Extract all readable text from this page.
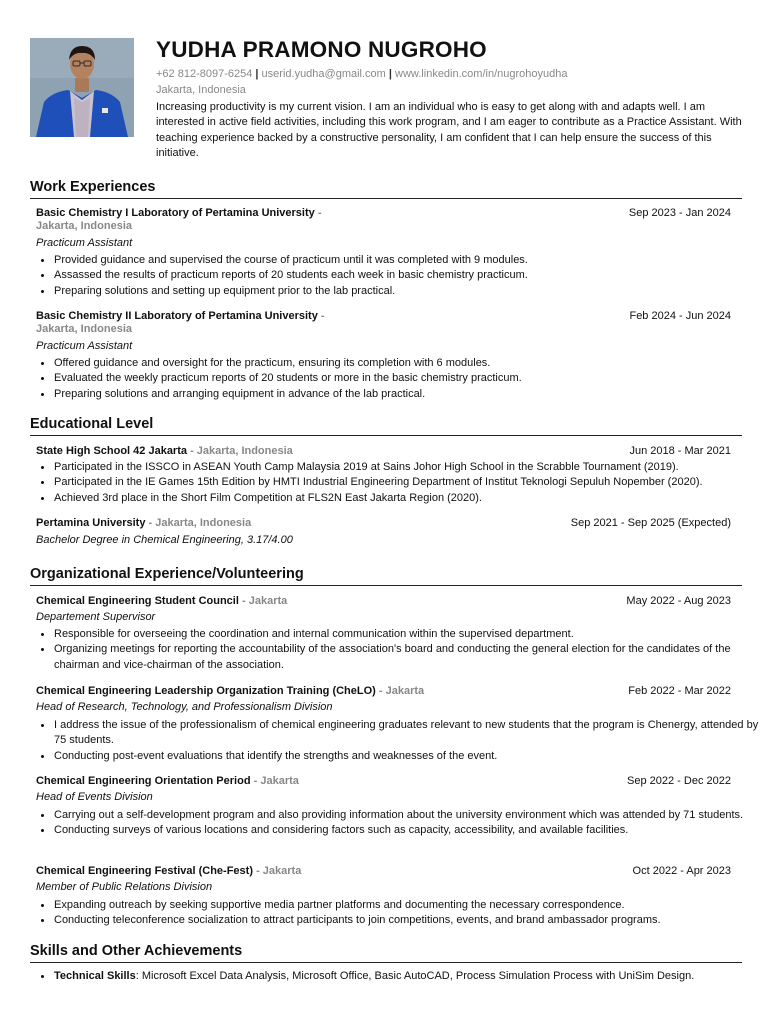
YUDHA PRAMONO NUGROHO
+62 812-8097-6254 | userid.yudha@gmail.com | www.linkedin.com/in/nugrohoyudha
Jakarta, Indonesia
Increasing productivity is my current vision. I am an individual who is easy to get along with and adapts well. I am interested in active field activities, including this work program, and I am eager to contribute as a Practice Assistant. With teaching experience backed by a constructive personality, I am confident that I can help ensure the success of this initiative.
Work Experiences
Basic Chemistry I Laboratory of Pertamina University -
Jakarta, Indonesia
Sep 2023 - Jan 2024
Practicum Assistant
Provided guidance and supervised the course of practicum until it was completed with 9 modules.
Assassed the results of practicum reports of 20 students each week in basic chemistry practicum.
Preparing solutions and setting up equipment prior to the lab practical.
Basic Chemistry II Laboratory of Pertamina University -
Jakarta, Indonesia
Feb 2024 - Jun 2024
Practicum Assistant
Offered guidance and oversight for the practicum, ensuring its completion with 6 modules.
Evaluated the weekly practicum reports of 20 students or more in the basic chemistry practicum.
Preparing solutions and arranging equipment in advance of the lab practical.
Educational Level
State High School 42 Jakarta - Jakarta, Indonesia	Jun 2018 - Mar 2021
Participated in the ISSCO in ASEAN Youth Camp Malaysia 2019 at Sains Johor High School in the Scrabble Tournament (2019).
Participated in the IE Games 15th Edition by HMTI Industrial Engineering Department of Institut Teknologi Sepuluh Nopember (2020).
Achieved 3rd place in the Short Film Competition at FLS2N East Jakarta Region (2020).
Pertamina University - Jakarta, Indonesia	Sep 2021 - Sep 2025 (Expected)
Bachelor Degree in Chemical Engineering, 3.17/4.00
Organizational Experience/Volunteering
Chemical Engineering Student Council - Jakarta	May 2022 - Aug 2023
Departement Supervisor
Responsible for overseeing the coordination and internal communication within the supervised department.
Organizing meetings for reporting the accountability of the association's board and conducting the general election for the candidates of the chairman and vice-chairman of the association.
Chemical Engineering Leadership Organization Training (CheLO) - Jakarta	Feb 2022 - Mar 2022
Head of Research, Technology, and Professionalism Division
I address the issue of the professionalism of chemical engineering graduates relevant to new students that the program is Chenergy, attended by 75 students.
Conducting post-event evaluations that identify the strengths and weaknesses of the event.
Chemical Engineering Orientation Period - Jakarta	Sep 2022 - Dec 2022
Head of Events Division
Carrying out a self-development program and also providing information about the university environment which was attended by 71 students.
Conducting surveys of various locations and considering factors such as capacity, accessibility, and available facilities.
Chemical Engineering Festival (Che-Fest) - Jakarta	Oct 2022 - Apr 2023
Member of Public Relations Division
Expanding outreach by seeking supportive media partner platforms and documenting the necessary correspondence.
Conducting teleconference socialization to attract participants to join competitions, events, and brand ambassador programs.
Skills and Other Achievements
Technical Skills: Microsoft Excel Data Analysis, Microsoft Office, Basic AutoCAD, Process Simulation Process with UniSim Design.
